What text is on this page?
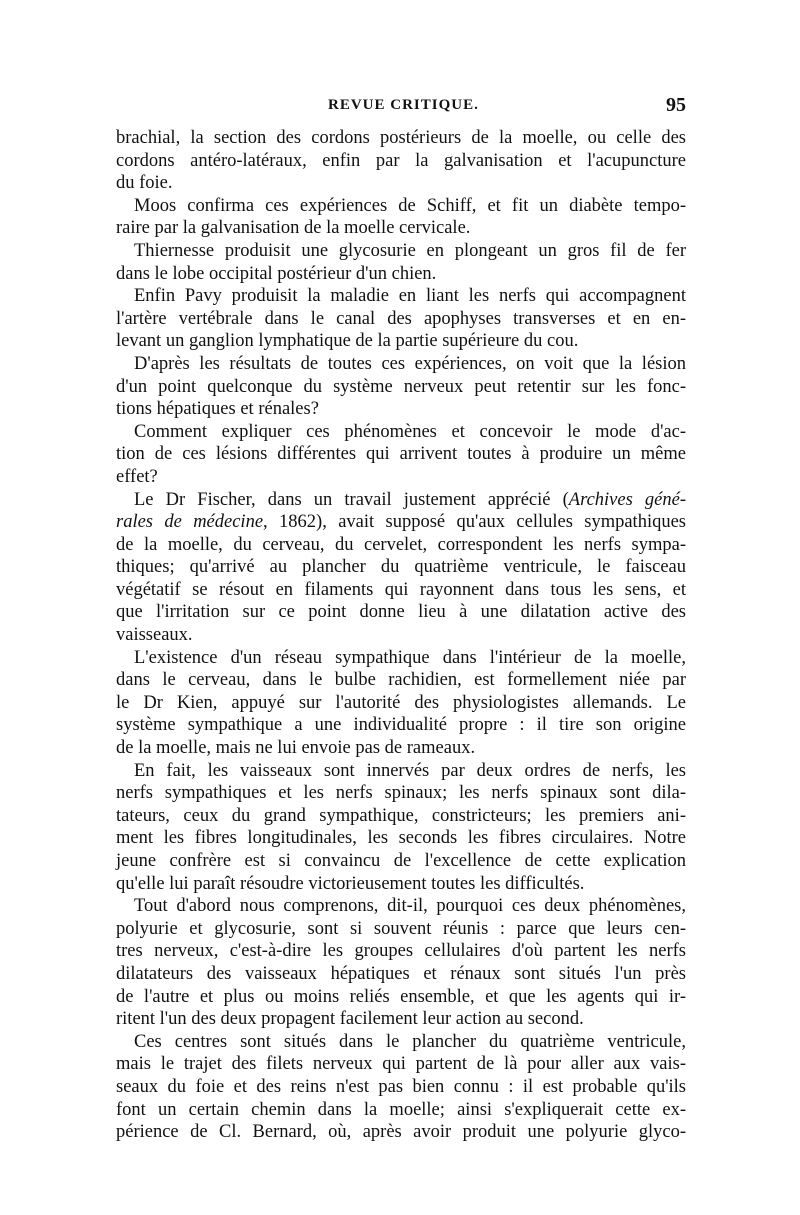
REVUE CRITIQUE.	95

brachial, la section des cordons postérieurs de la moelle, ou celle des
cordons antéro-latéraux, enfin par la galvanisation et l'acupuncture
du foie.

Moos confirma ces expériences de Schiff, et fit un diabète tempo-
raire par la galvanisation de la moelle cervicale.

Thiernesse produisit une glycosurie en plongeant un gros fil de fer
dans le lobe occipital postérieur d'un chien.

Enfin Pavy produisit la maladie en liant les nerfs qui accompagnent
l'artère vertébrale dans le canal des apophyses transverses et en en-
levant un ganglion lymphatique de la partie supérieure du cou.

D'après les résultats de toutes ces expériences, on voit que la lésion
d'un point quelconque du système nerveux peut retentir sur les fonc-
tions hépatiques et rénales?

Comment expliquer ces phénomènes et concevoir le mode d'ac-
tion de ces lésions différentes qui arrivent toutes à produire un même
effet?

Le Dr Fischer, dans un travail justement apprécié (Archives géné-
rales de médecine, 1862), avait supposé qu'aux cellules sympathiques
de la moelle, du cerveau, du cervelet, correspondent les nerfs sympa-
thiques; qu'arrivé au plancher du quatrième ventricule, le faisceau
végétatif se résout en filaments qui rayonnent dans tous les sens, et
que l'irritation sur ce point donne lieu à une dilatation active des
vaisseaux.

L'existence d'un réseau sympathique dans l'intérieur de la moelle,
dans le cerveau, dans le bulbe rachidien, est formellement niée par
le Dr Kien, appuyé sur l'autorité des physiologistes allemands. Le
système sympathique a une individualité propre : il tire son origine
de la moelle, mais ne lui envoie pas de rameaux.

En fait, les vaisseaux sont innervés par deux ordres de nerfs, les
nerfs sympathiques et les nerfs spinaux; les nerfs spinaux sont dila-
tateurs, ceux du grand sympathique, constricteurs; les premiers ani-
ment les fibres longitudinales, les seconds les fibres circulaires. Notre
jeune confrère est si convaincu de l'excellence de cette explication
qu'elle lui paraît résoudre victorieusement toutes les difficultés.

Tout d'abord nous comprenons, dit-il, pourquoi ces deux phénomènes,
polyurie et glycosurie, sont si souvent réunis : parce que leurs cen-
tres nerveux, c'est-à-dire les groupes cellulaires d'où partent les nerfs
dilatateurs des vaisseaux hépatiques et rénaux sont situés l'un près
de l'autre et plus ou moins reliés ensemble, et que les agents qui ir-
ritent l'un des deux propagent facilement leur action au second.

Ces centres sont situés dans le plancher du quatrième ventricule,
mais le trajet des filets nerveux qui partent de là pour aller aux vais-
seaux du foie et des reins n'est pas bien connu : il est probable qu'ils
font un certain chemin dans la moelle; ainsi s'expliquerait cette ex-
périence de Cl. Bernard, où, après avoir produit une polyurie glyco-
